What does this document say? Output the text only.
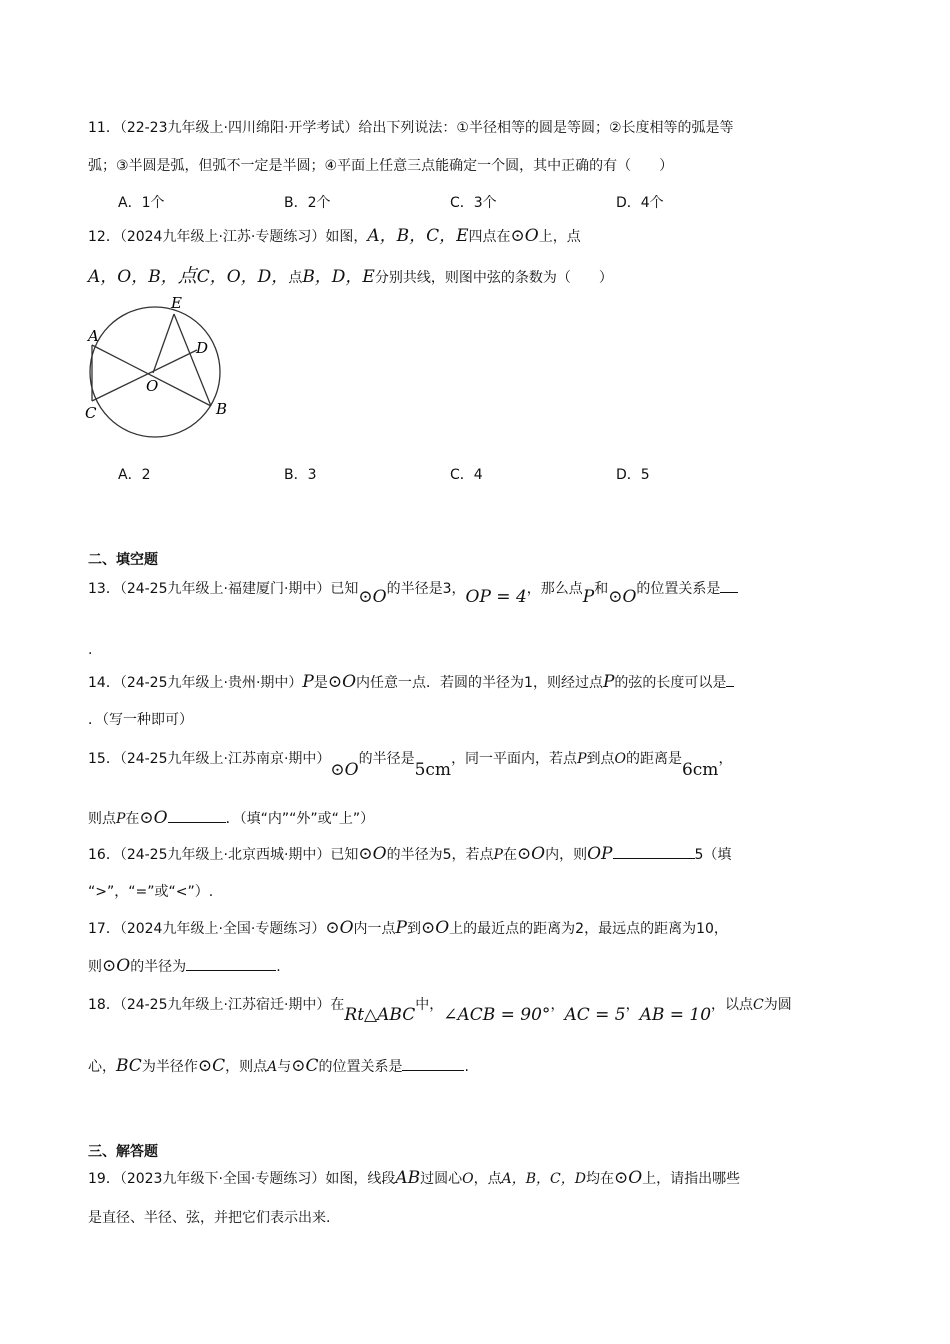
11．（22-23九年级上·四川绵阳·开学考试）给出下列说法：①半径相等的圆是等圆；②长度相等的弧是等
弧；③半圆是弧，但弧不一定是半圆；④平面上任意三点能确定一个圆，其中正确的有（　　）
A．1个	B．2个	C．3个	D．4个
12．（2024九年级上·江苏·专题练习）如图，A，B，C，E四点在⊙O上，点
A，O，B，点C，O，D，点B，D，E分别共线，则图中弦的条数为（　　）
A
B
C
D
E
O
A．2	B．3	C．4	D．5
二、填空题
13．（24-25九年级上·福建厦门·期中）已知⊙O的半径是3，OP = 4，那么点P和⊙O的位置关系是
.
14．（24-25九年级上·贵州·期中）P是⊙O内任意一点．若圆的半径为1，则经过点P的弦的长度可以是
．（写一种即可）
15．（24-25九年级上·江苏南京·期中）⊙O的半径是5cm，同一平面内，若点P到点O的距离是6cm，
则点P在⊙O	．（填“内”“外”或“上”）
16．（24-25九年级上·北京西城·期中）已知⊙O的半径为5，若点P在⊙O内，则OP	5（填
“>”，“=”或“<”）.
17．（2024九年级上·全国·专题练习）⊙O内一点P到⊙O上的最近点的距离为2，最远点的距离为10，
则⊙O的半径为	.
18．（24-25九年级上·江苏宿迁·期中）在Rt△ABC中，∠ACB = 90°，AC = 5，AB = 10，以点C为圆
心，BC为半径作⊙C，则点A与⊙C的位置关系是	.
三、解答题
19．（2023九年级下·全国·专题练习）如图，线段AB过圆心O，点A，B，C，D均在⊙O上，请指出哪些
是直径、半径、弦，并把它们表示出来.
